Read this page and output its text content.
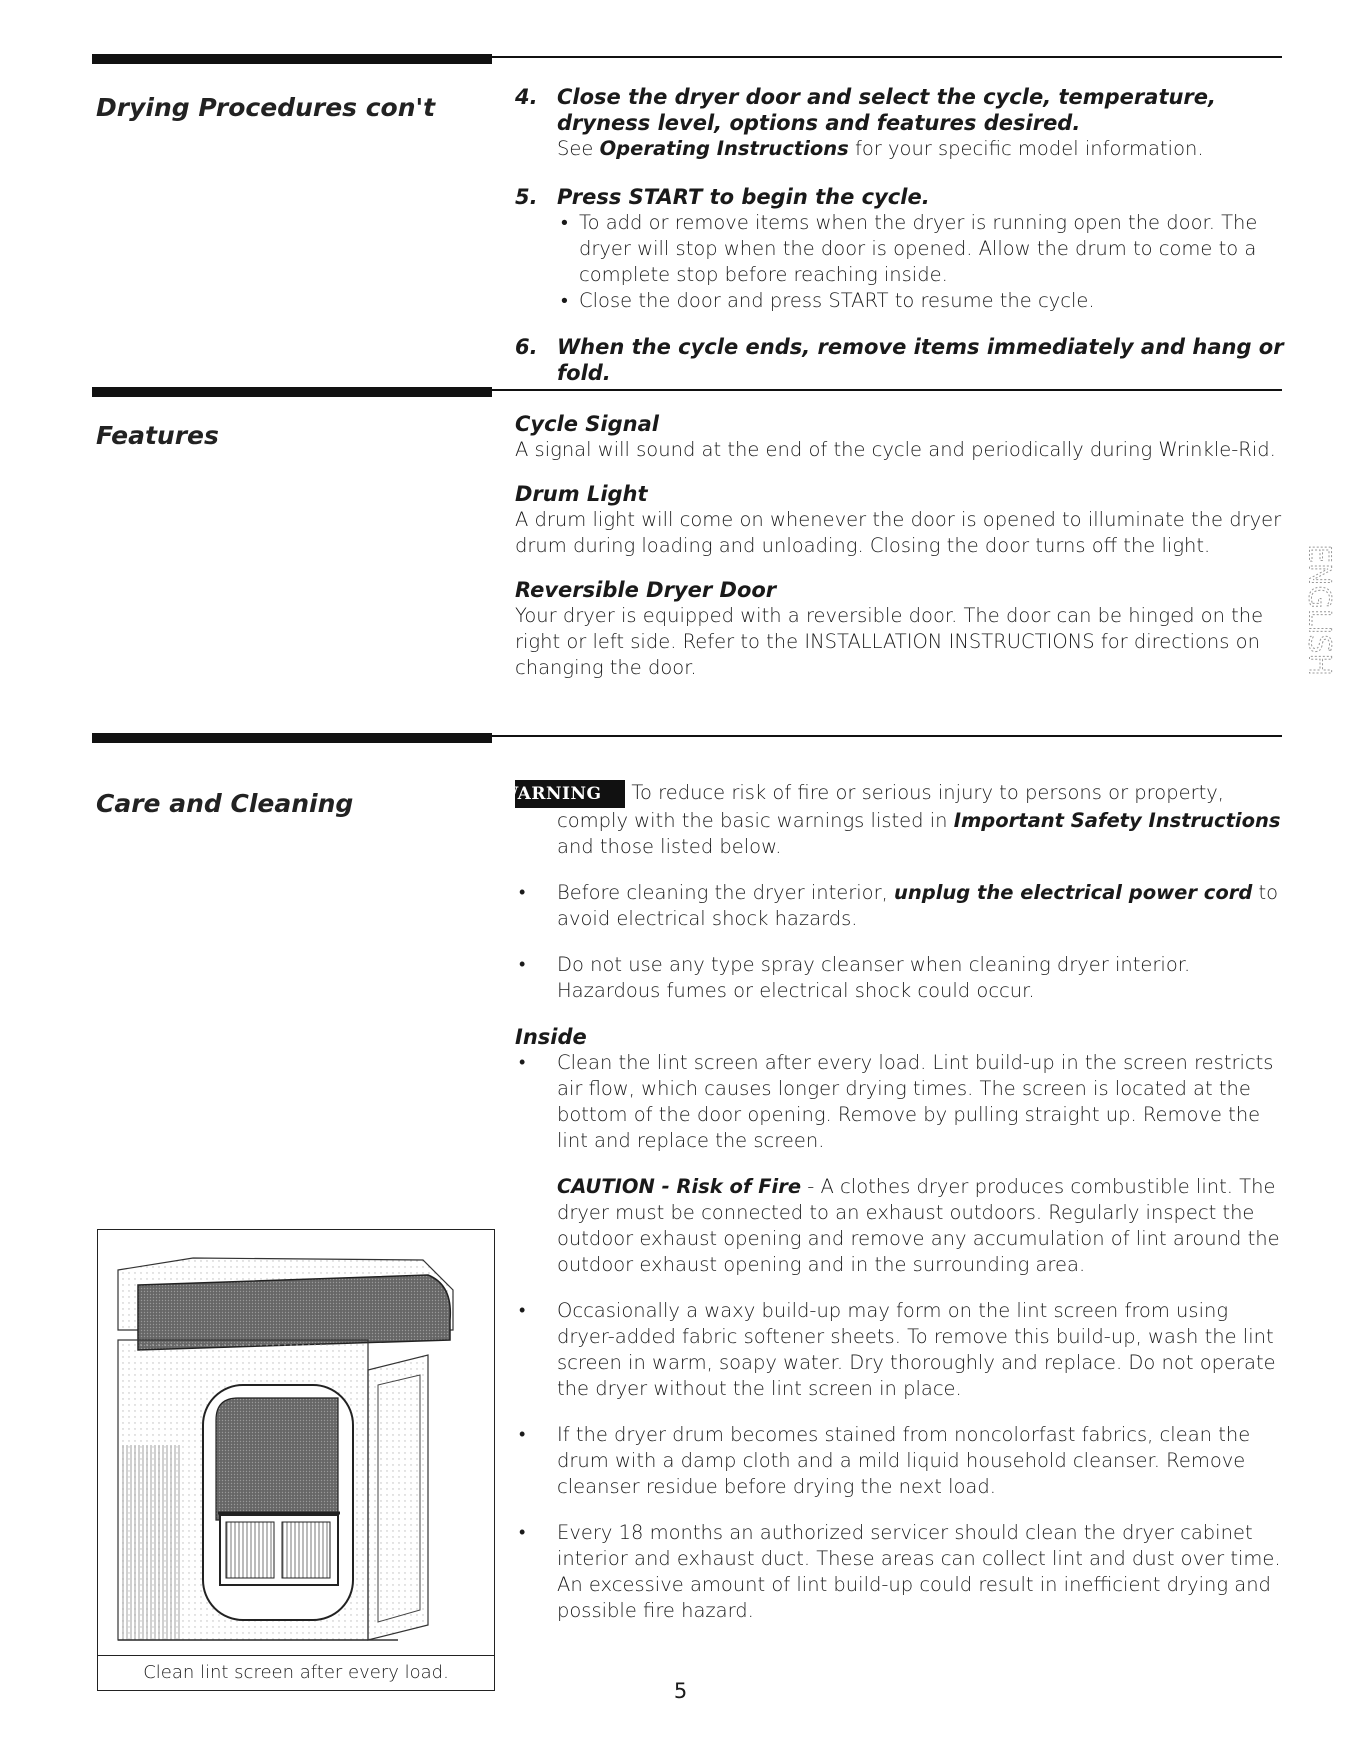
Drying Procedures con't	4. Close the dryer door and select the cycle, temperature, dryness level, options and features desired.
See Operating Instructions for your specific model information.
5. Press START to begin the cycle.

• To add or remove items when the dryer is running open the door. The dryer will stop when the door is opened. Allow the drum to come to a complete stop before reaching inside.

• Close the door and press START to resume the cycle.

6. When the cycle ends, remove items immediately and hang or fold.
Features	Cycle Signal

A signal will sound at the end of the cycle and periodically during Wrinkle-Rid.

Drum Light

A drum light will come on whenever the door is opened to illuminate the dryer drum during loading and unloading. Closing the door turns off the light.

Reversible Dryer Door

Your dryer is equipped with a reversible door. The door can be hinged on the right or left side. Refer to the INSTALLATION INSTRUCTIONS for directions on changing the door.	ENGLISH
Care and Cleaning	⚠ WARNING To reduce risk of fire or serious injury to persons or property, comply with the basic warnings listed in Important Safety Instructions and those listed below.

• Before cleaning the dryer interior, unplug the electrical power cord to avoid electrical shock hazards.

• Do not use any type spray cleanser when cleaning dryer interior. Hazardous fumes or electrical shock could occur.

Inside

• Clean the lint screen after every load. Lint build-up in the screen restricts air flow, which causes longer drying times. The screen is located at the bottom of the door opening. Remove by pulling straight up. Remove the lint and replace the screen.

CAUTION - Risk of Fire - A clothes dryer produces combustible lint. The dryer must be connected to an exhaust outdoors. Regularly inspect the outdoor exhaust opening and remove any accumulation of lint around the outdoor exhaust opening and in the surrounding area.

• Occasionally a waxy build-up may form on the lint screen from using dryer-added fabric softener sheets. To remove this build-up, wash the lint screen in warm, soapy water. Dry thoroughly and replace. Do not operate the dryer without the lint screen in place.

• If the dryer drum becomes stained from noncolorfast fabrics, clean the drum with a damp cloth and a mild liquid household cleanser. Remove cleanser residue before drying the next load.

• Every 18 months an authorized servicer should clean the dryer cabinet interior and exhaust duct. These areas can collect lint and dust over time. An excessive amount of lint build-up could result in inefficient drying and possible fire hazard.

Clean lint screen after every load.
5
